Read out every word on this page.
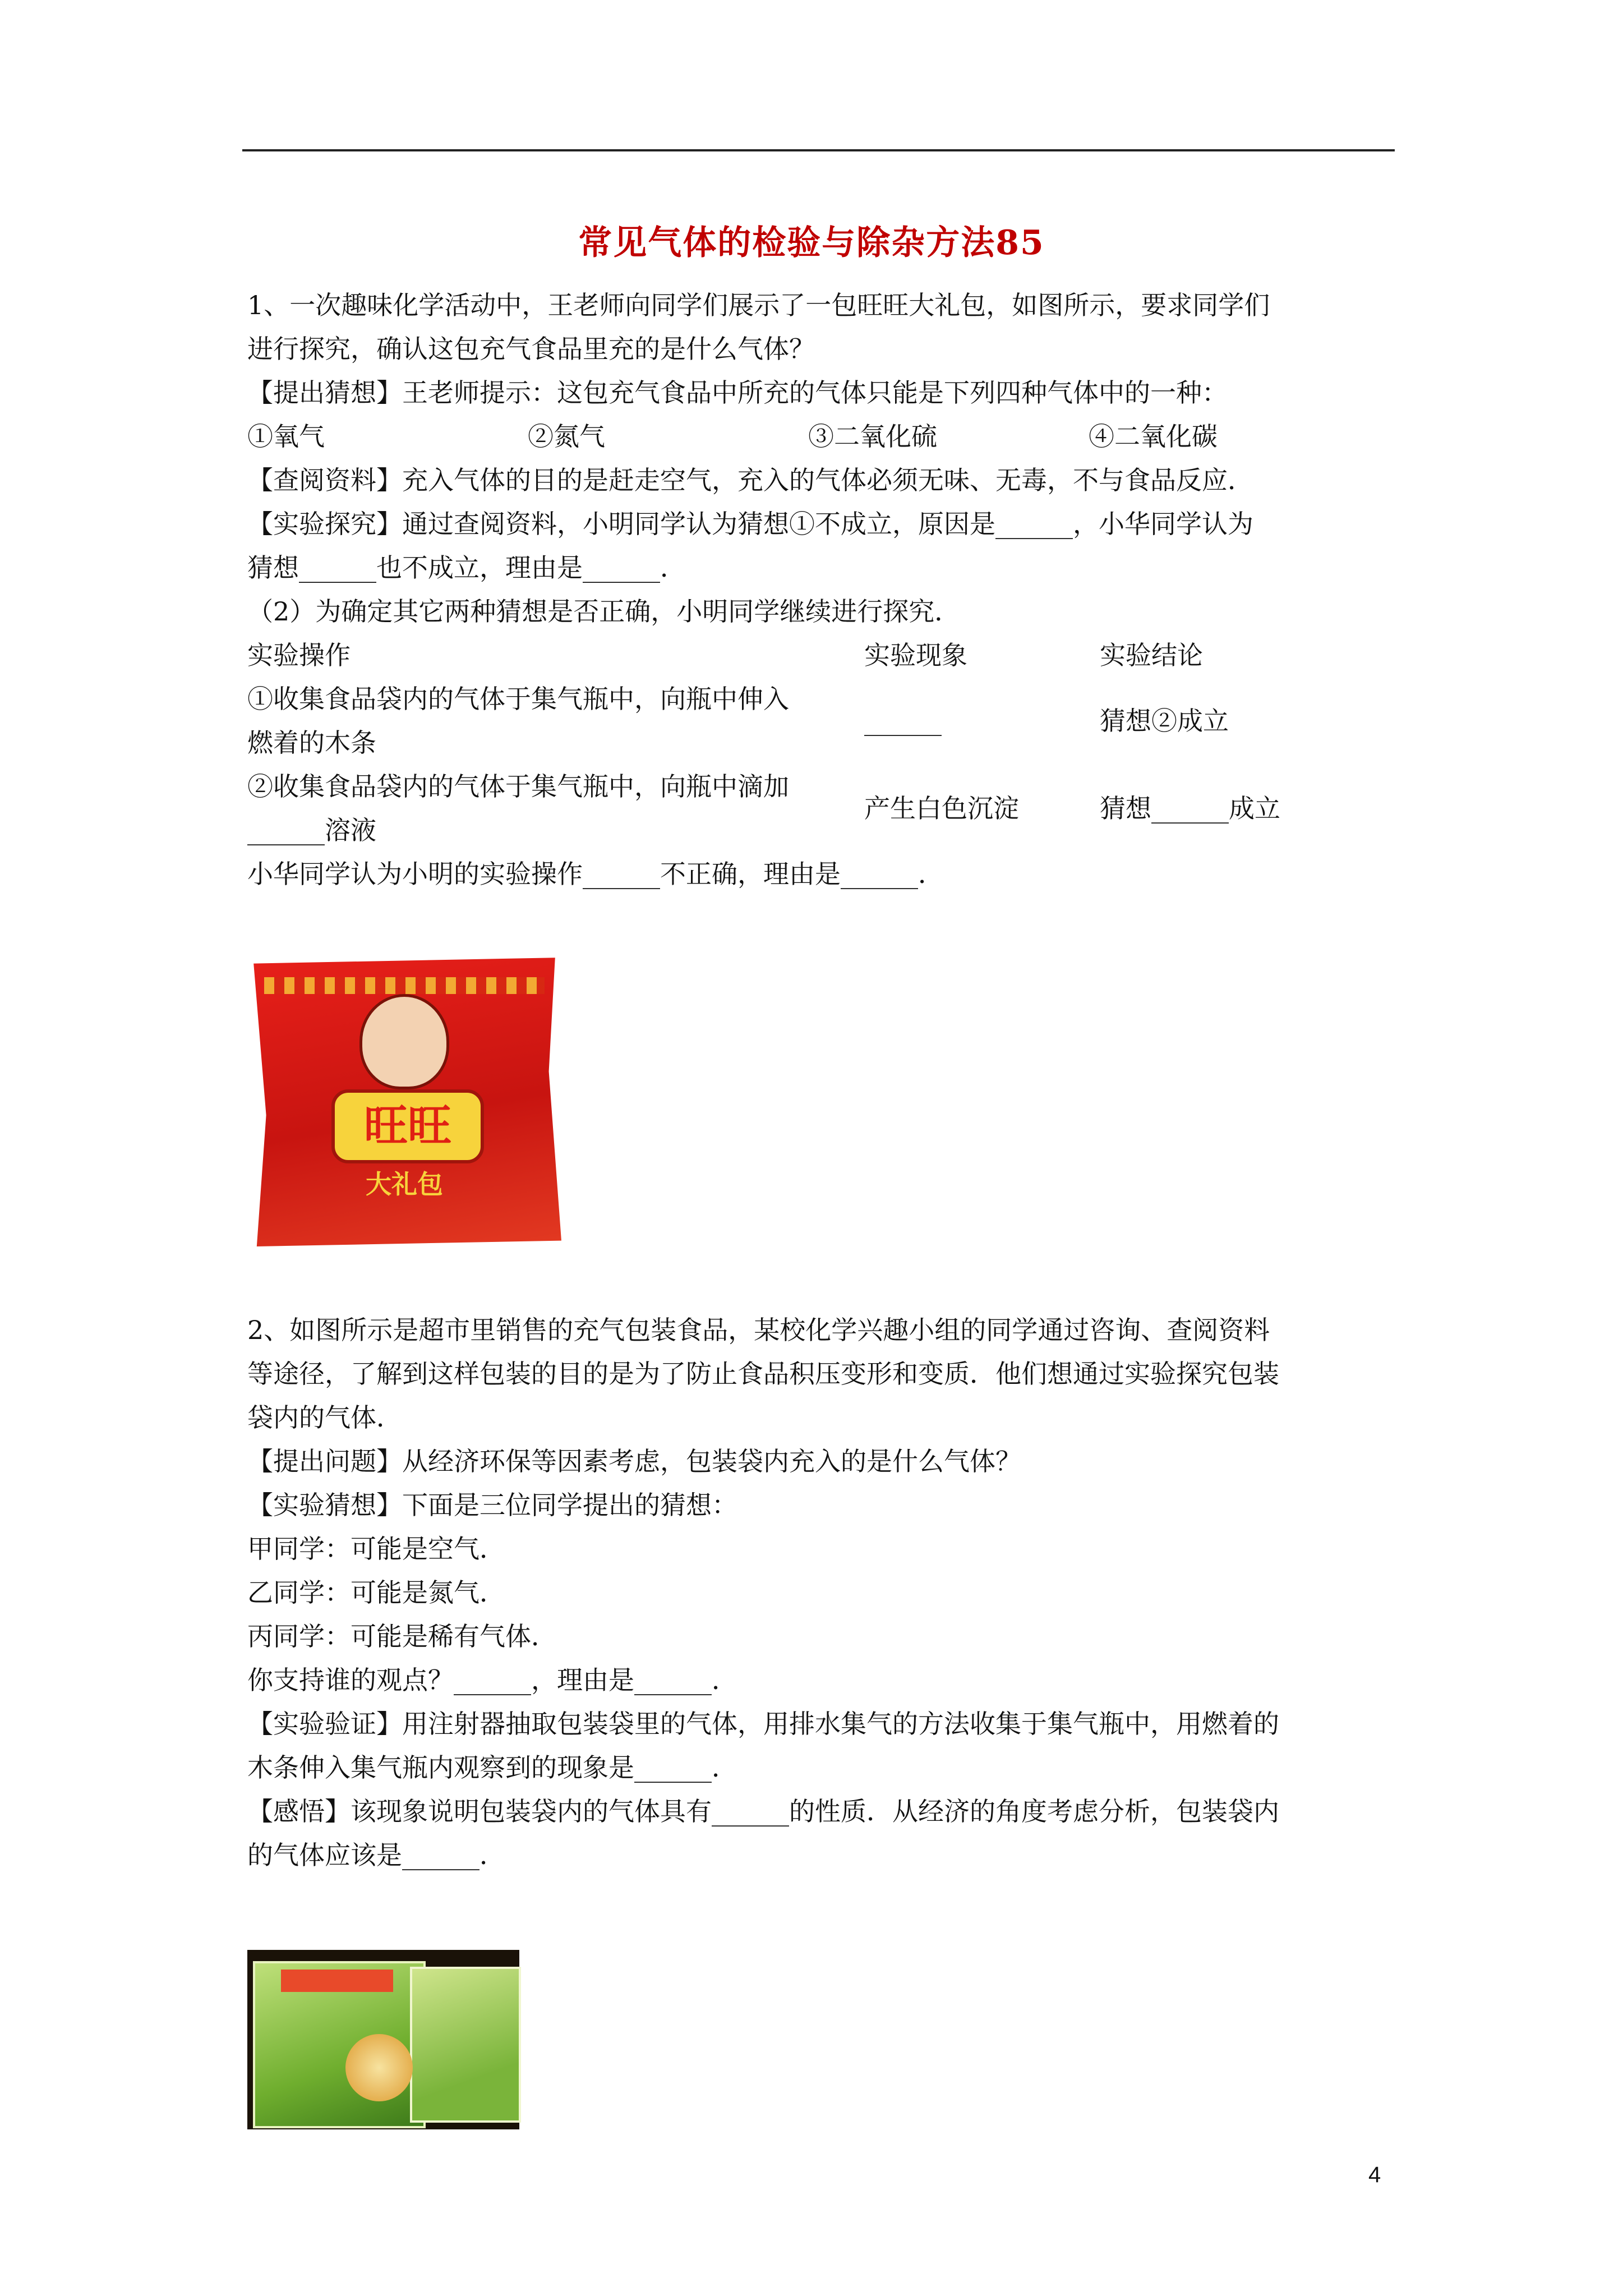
常见气体的检验与除杂方法85

1、一次趣味化学活动中，王老师向同学们展示了一包旺旺大礼包，如图所示，要求同学们

进行探究，确认这包充气食品里充的是什么气体？

【提出猜想】王老师提示：这包充气食品中所充的气体只能是下列四种气体中的一种：

①氧气	②氮气	③二氧化硫	④二氧化碳

【查阅资料】充入气体的目的是赶走空气，充入的气体必须无味、无毒，不与食品反应．

【实验探究】通过查阅资料，小明同学认为猜想①不成立，原因是______，小华同学认为

猜想______也不成立，理由是______．

（2）为确定其它两种猜想是否正确，小明同学继续进行探究．

实验操作	实验现象	实验结论

①收集食品袋内的气体于集气瓶中，向瓶中伸入
燃着的木条	______	猜想②成立

②收集食品袋内的气体于集气瓶中，向瓶中滴加
______溶液	产生白色沉淀	猜想______成立

小华同学认为小明的实验操作______不正确，理由是______．

旺旺
大礼包

2、如图所示是超市里销售的充气包装食品，某校化学兴趣小组的同学通过咨询、查阅资料

等途径，了解到这样包装的目的是为了防止食品积压变形和变质．他们想通过实验探究包装

袋内的气体．

【提出问题】从经济环保等因素考虑，包装袋内充入的是什么气体？

【实验猜想】下面是三位同学提出的猜想：

甲同学：可能是空气．

乙同学：可能是氮气．

丙同学：可能是稀有气体．

你支持谁的观点？______，理由是______．

【实验验证】用注射器抽取包装袋里的气体，用排水集气的方法收集于集气瓶中，用燃着的

木条伸入集气瓶内观察到的现象是______．

【感悟】该现象说明包装袋内的气体具有______的性质．从经济的角度考虑分析，包装袋内

的气体应该是______．

4
